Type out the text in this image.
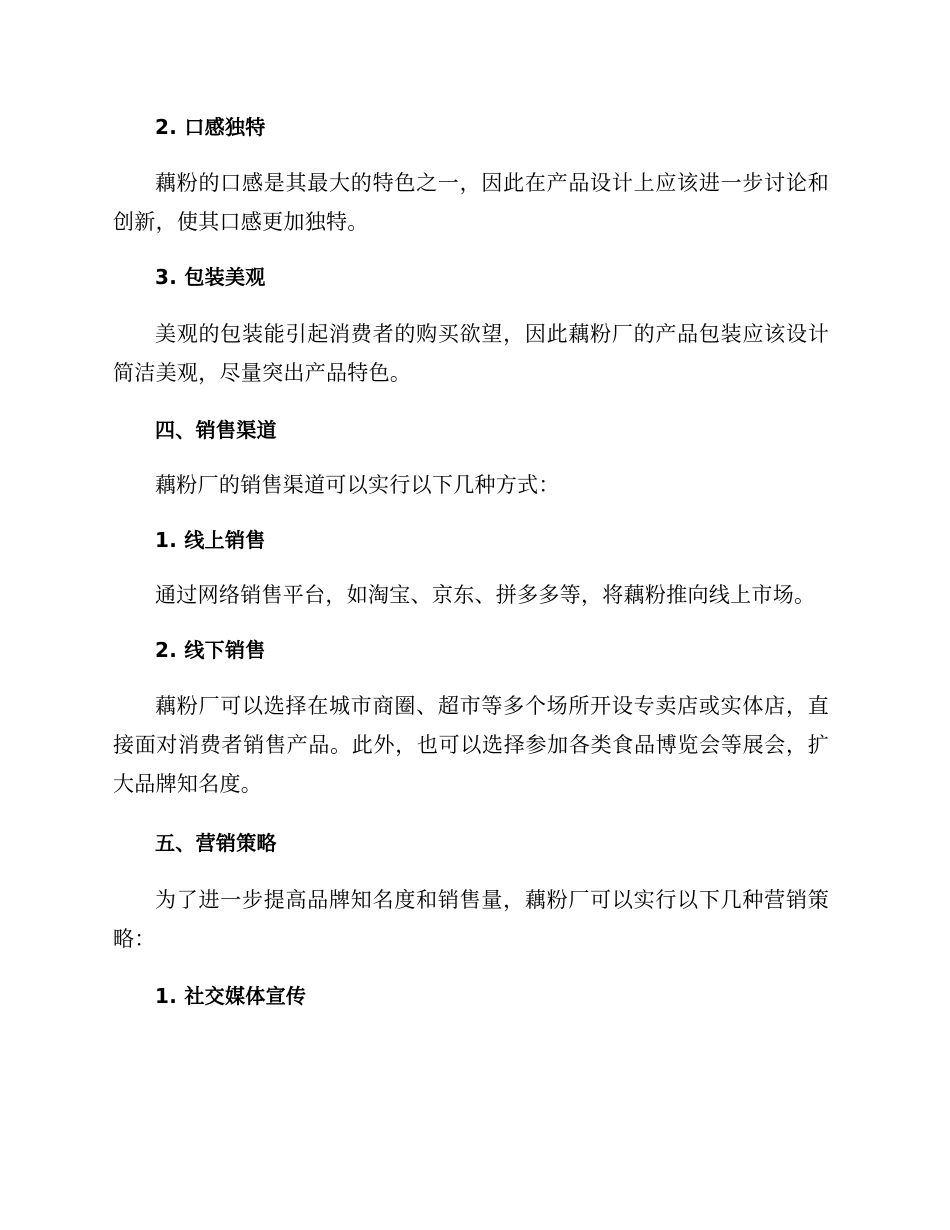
2. 口感独特
藕粉的口感是其最大的特色之一，因此在产品设计上应该进一步讨论和创新，使其口感更加独特。
3. 包装美观
美观的包装能引起消费者的购买欲望，因此藕粉厂的产品包装应该设计简洁美观，尽量突出产品特色。
四、销售渠道
藕粉厂的销售渠道可以实行以下几种方式：
1. 线上销售
通过网络销售平台，如淘宝、京东、拼多多等，将藕粉推向线上市场。
2. 线下销售
藕粉厂可以选择在城市商圈、超市等多个场所开设专卖店或实体店，直接面对消费者销售产品。此外，也可以选择参加各类食品博览会等展会，扩大品牌知名度。
五、营销策略
为了进一步提高品牌知名度和销售量，藕粉厂可以实行以下几种营销策略：
1. 社交媒体宣传
